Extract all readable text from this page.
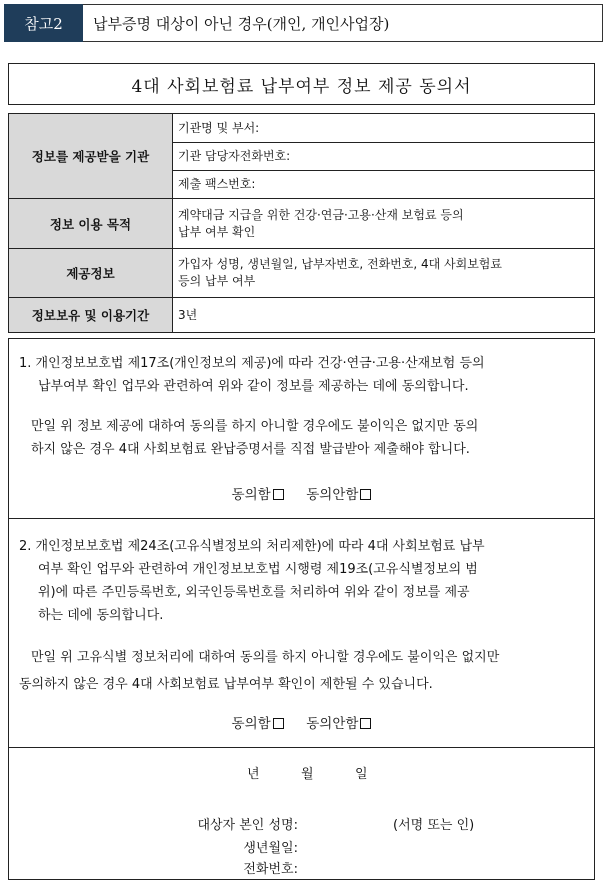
참고2	납부증명 대상이 아닌 경우(개인, 개인사업장)
4대 사회보험료 납부여부 정보 제공 동의서
정보를 제공받을 기관	기관명 및 부서:
	기관 담당자전화번호:
	제출 팩스번호:
정보 이용 목적	계약대금 지급을 위한 건강·연금·고용·산재 보험료 등의
납부 여부 확인

제공정보	가입자 성명, 생년월일, 납부자번호, 전화번호, 4대 사회보험료
등의 납부 여부

정보보유 및 이용기간	3년
1. 개인정보보호법 제17조(개인정보의 제공)에 따라 건강·연금·고용·산재보험 등의
납부여부 확인 업무와 관련하여 위와 같이 정보를 제공하는 데에 동의합니다.
만일 위 정보 제공에 대하여 동의를 하지 아니할 경우에도 불이익은 없지만 동의
하지 않은 경우 4대 사회보험료 완납증명서를 직접 발급받아 제출해야 합니다.
동의함	동의안함
2. 개인정보보호법 제24조(고유식별정보의 처리제한)에 따라 4대 사회보험료 납부
여부 확인 업무와 관련하여 개인정보보호법 시행령 제19조(고유식별정보의 범
위)에 따른 주민등록번호, 외국인등록번호를 처리하여 위와 같이 정보를 제공
하는 데에 동의합니다.
만일 위 고유식별 정보처리에 대하여 동의를 하지 아니할 경우에도 불이익은 없지만
동의하지 않은 경우 4대 사회보험료 납부여부 확인이 제한될 수 있습니다.
동의함	동의안함
년	월	일
대상자 본인 성명:	(서명 또는 인)
생년월일:
전화번호:
